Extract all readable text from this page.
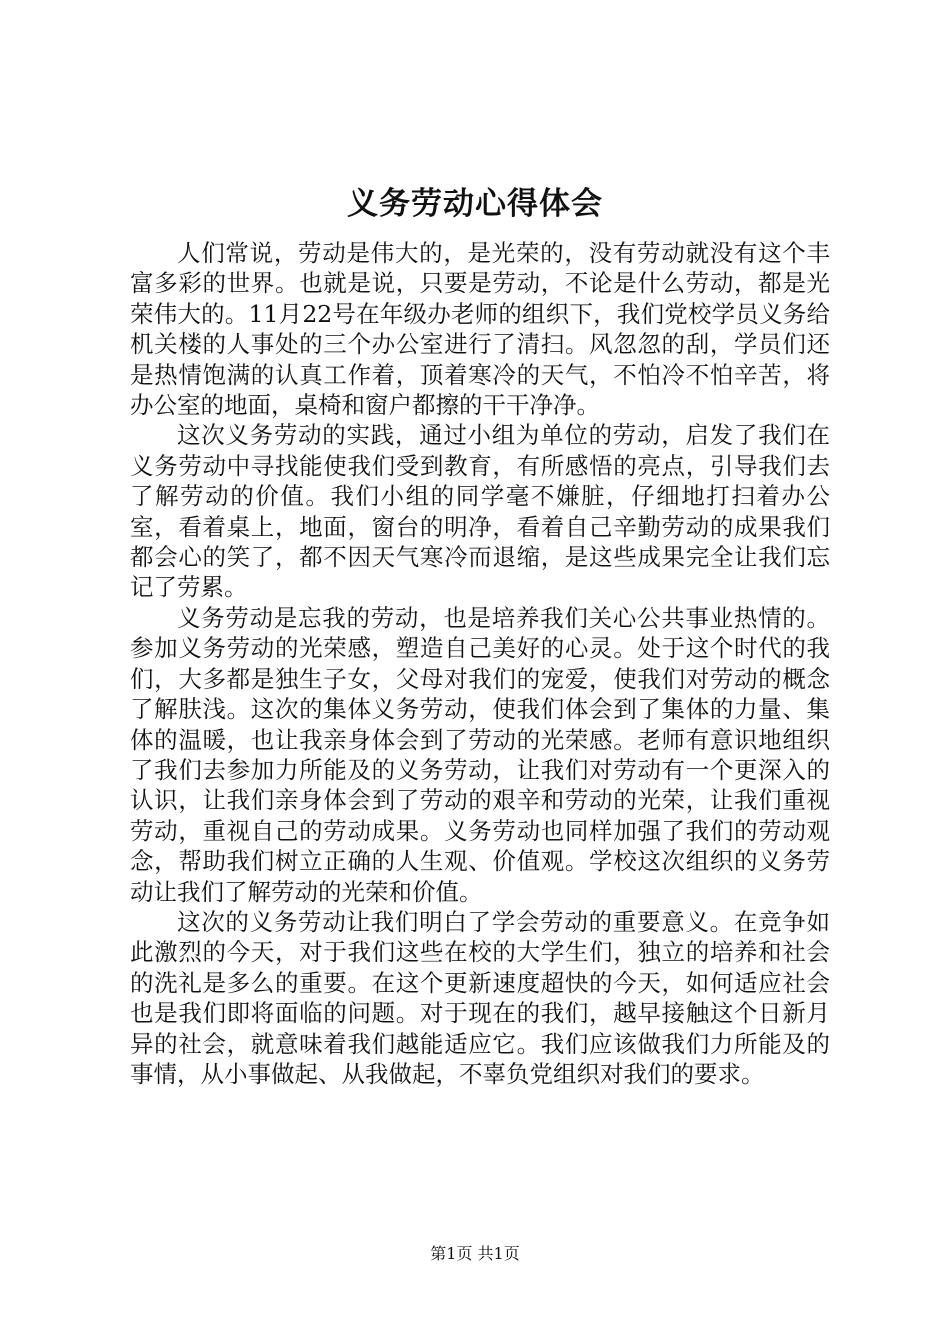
义务劳动心得体会

人们常说，劳动是伟大的，是光荣的，没有劳动就没有这个丰富多彩的世界。也就是说，只要是劳动，不论是什么劳动，都是光荣伟大的。11月22号在年级办老师的组织下，我们党校学员义务给机关楼的人事处的三个办公室进行了清扫。风忽忽的刮，学员们还是热情饱满的认真工作着，顶着寒冷的天气，不怕冷不怕辛苦，将办公室的地面，桌椅和窗户都擦的干干净净。

这次义务劳动的实践，通过小组为单位的劳动，启发了我们在义务劳动中寻找能使我们受到教育，有所感悟的亮点，引导我们去了解劳动的价值。我们小组的同学毫不嫌脏，仔细地打扫着办公室，看着桌上，地面，窗台的明净，看着自己辛勤劳动的成果我们都会心的笑了，都不因天气寒冷而退缩，是这些成果完全让我们忘记了劳累。

义务劳动是忘我的劳动，也是培养我们关心公共事业热情的。参加义务劳动的光荣感，塑造自己美好的心灵。处于这个时代的我们，大多都是独生子女，父母对我们的宠爱，使我们对劳动的概念了解肤浅。这次的集体义务劳动，使我们体会到了集体的力量、集体的温暖，也让我亲身体会到了劳动的光荣感。老师有意识地组织了我们去参加力所能及的义务劳动，让我们对劳动有一个更深入的认识，让我们亲身体会到了劳动的艰辛和劳动的光荣，让我们重视劳动，重视自己的劳动成果。义务劳动也同样加强了我们的劳动观念，帮助我们树立正确的人生观、价值观。学校这次组织的义务劳动让我们了解劳动的光荣和价值。

这次的义务劳动让我们明白了学会劳动的重要意义。在竞争如此激烈的今天，对于我们这些在校的大学生们，独立的培养和社会的洗礼是多么的重要。在这个更新速度超快的今天，如何适应社会也是我们即将面临的问题。对于现在的我们，越早接触这个日新月异的社会，就意味着我们越能适应它。我们应该做我们力所能及的事情，从小事做起、从我做起，不辜负党组织对我们的要求。

第1页 共1页
